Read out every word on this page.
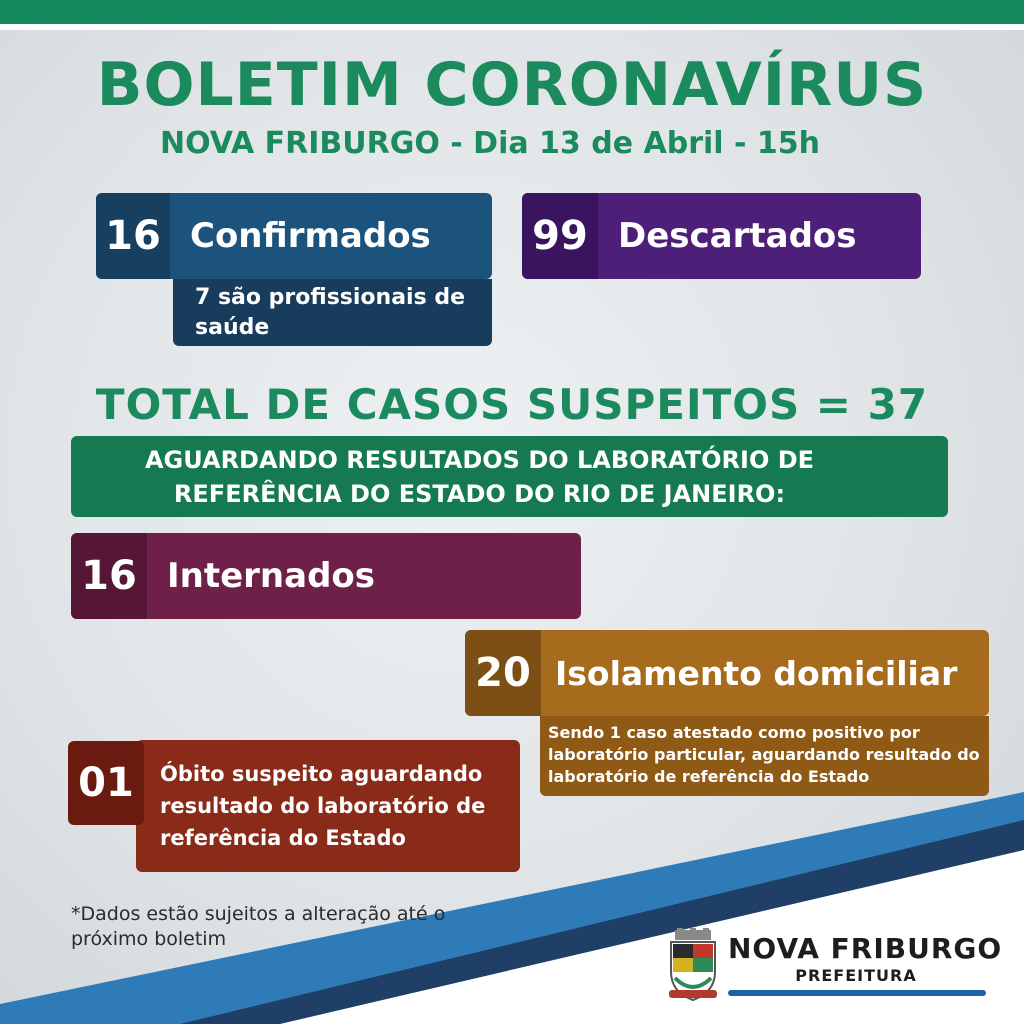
BOLETIM CORONAVÍRUS
NOVA FRIBURGO - Dia 13 de Abril - 15h
16 Confirmados
7 são profissionais de saúde
99 Descartados
TOTAL DE CASOS SUSPEITOS = 37
AGUARDANDO RESULTADOS DO LABORATÓRIO DE
REFERÊNCIA DO ESTADO DO RIO DE JANEIRO:
16 Internados
20 Isolamento domiciliar
Sendo 1 caso atestado como positivo por laboratório particular, aguardando resultado do laboratório de referência do Estado
Óbito suspeito aguardando resultado do laboratório de referência do Estado
01
*Dados estão sujeitos a alteração até o próximo boletim	NOVA FRIBURGO
PREFEITURA
